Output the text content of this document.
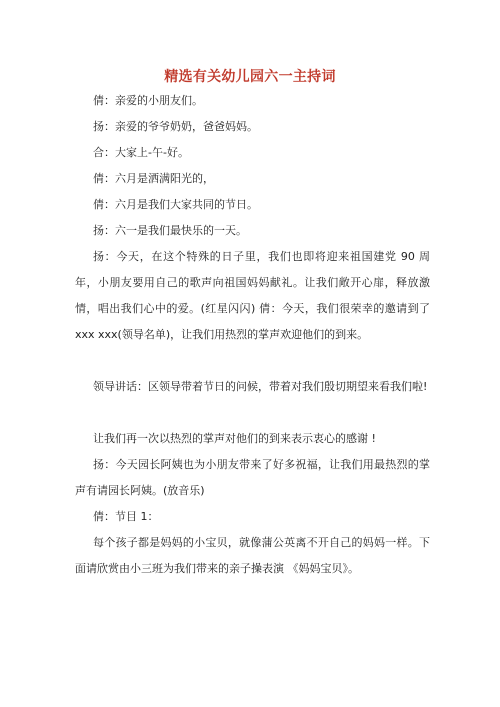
精选有关幼儿园六一主持词

倩：亲爱的小朋友们。

扬：亲爱的爷爷奶奶，爸爸妈妈。

合：大家上-午-好。

倩：六月是洒满阳光的，

倩：六月是我们大家共同的节日。

扬：六一是我们最快乐的一天。

扬：今天，在这个特殊的日子里，我们也即将迎来祖国建党 90 周年，小朋友要用自己的歌声向祖国妈妈献礼。让我们敞开心扉，释放激情，唱出我们心中的爱。(红星闪闪) 倩：今天，我们很荣幸的邀请到了 xxx xxx(领导名单)，让我们用热烈的掌声欢迎他们的到来。

领导讲话：区领导带着节日的问候，带着对我们殷切期望来看我们啦!

让我们再一次以热烈的掌声对他们的到来表示衷心的感谢 !

扬：今天园长阿姨也为小朋友带来了好多祝福，让我们用最热烈的掌声有请园长阿姨。(放音乐)

倩：节目 1：

每个孩子都是妈妈的小宝贝，就像蒲公英离不开自己的妈妈一样。下面请欣赏由小三班为我们带来的亲子操表演 《妈妈宝贝》。
